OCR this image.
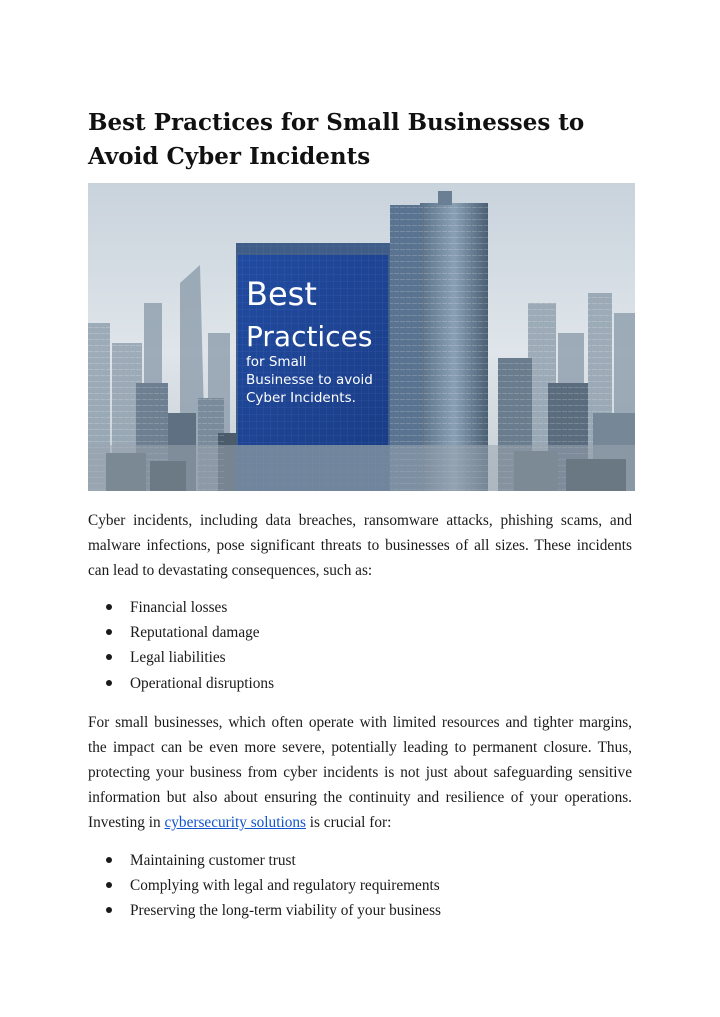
Best Practices for Small Businesses to
Avoid Cyber Incidents
Best
Practices
for Small
Businesse to avoid
Cyber Incidents.

Cyber incidents, including data breaches, ransomware attacks, phishing scams, and malware infections, pose significant threats to businesses of all sizes. These incidents can lead to devastating consequences, such as:

Financial losses
Reputational damage
Legal liabilities
Operational disruptions

For small businesses, which often operate with limited resources and tighter margins, the impact can be even more severe, potentially leading to permanent closure. Thus, protecting your business from cyber incidents is not just about safeguarding sensitive information but also about ensuring the continuity and resilience of your operations. Investing in cybersecurity solutions is crucial for:

Maintaining customer trust
Complying with legal and regulatory requirements
Preserving the long-term viability of your business
